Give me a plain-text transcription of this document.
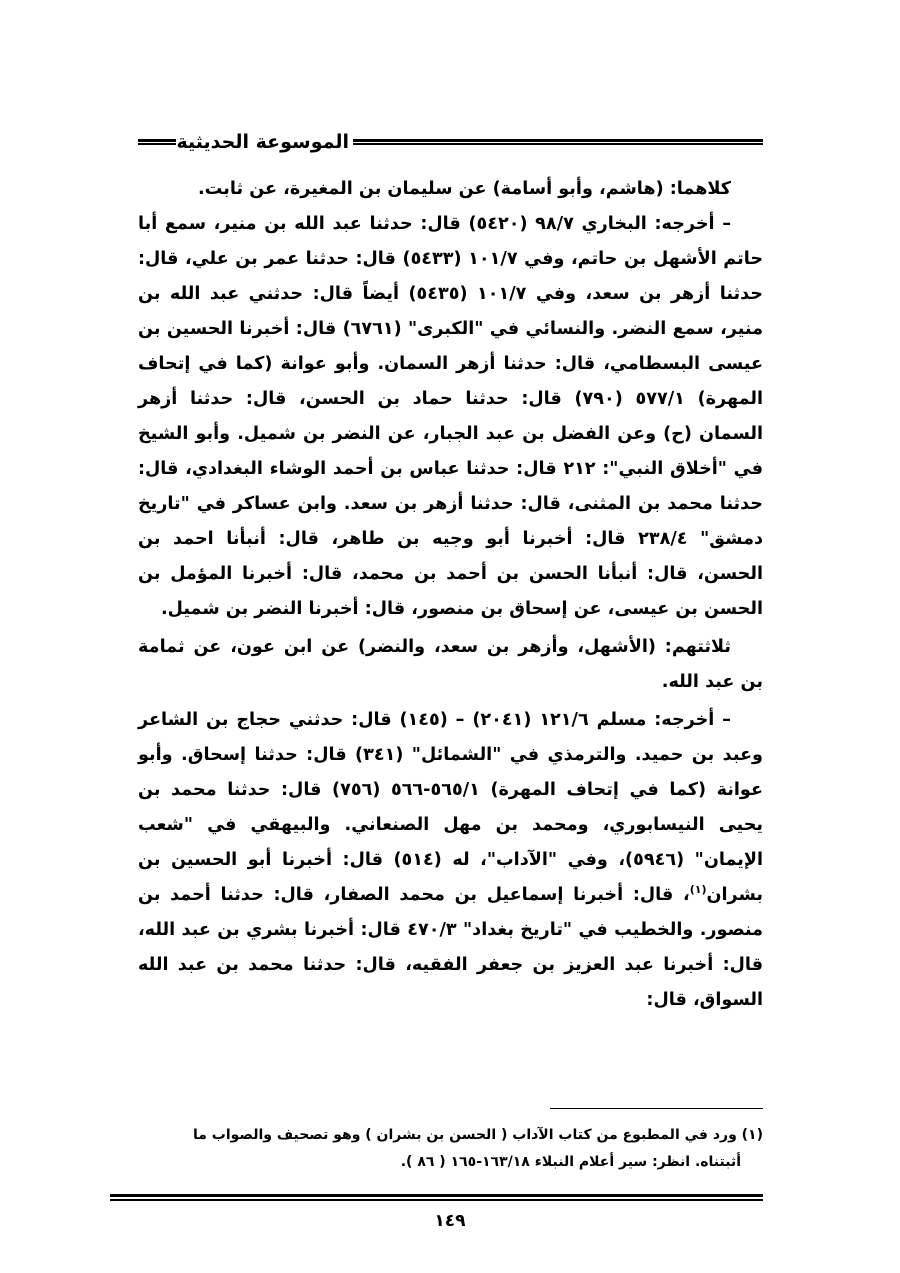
الموسوعة الحديثية

كلاهما: (هاشم، وأبو أسامة) عن سليمان بن المغيرة، عن ثابت.

– أخرجه: البخاري ٩٨/٧ (٥٤٢٠) قال: حدثنا عبد الله بن منير، سمع أبا حاتم الأشهل بن حاتم، وفي ١٠١/٧ (٥٤٣٣) قال: حدثنا عمر بن علي، قال: حدثنا أزهر بن سعد، وفي ١٠١/٧ (٥٤٣٥) أيضاً قال: حدثني عبد الله بن منير، سمع النضر. والنسائي في "الكبرى" (٦٧٦١) قال: أخبرنا الحسين بن عيسى البسطامي، قال: حدثنا أزهر السمان. وأبو عوانة (كما في إتحاف المهرة) ٥٧٧/١ (٧٩٠) قال: حدثنا حماد بن الحسن، قال: حدثنا أزهر السمان (ح) وعن الفضل بن عبد الجبار، عن النضر بن شميل. وأبو الشيخ في "أخلاق النبي": ٢١٢ قال: حدثنا عباس بن أحمد الوشاء البغدادي، قال: حدثنا محمد بن المثنى، قال: حدثنا أزهر بن سعد. وابن عساكر في "تاريخ دمشق" ٢٣٨/٤ قال: أخبرنا أبو وجيه بن طاهر، قال: أنبأنا احمد بن الحسن، قال: أنبأنا الحسن بن أحمد بن محمد، قال: أخبرنا المؤمل بن الحسن بن عيسى، عن إسحاق بن منصور، قال: أخبرنا النضر بن شميل.

ثلاثتهم: (الأشهل، وأزهر بن سعد، والنضر) عن ابن عون، عن ثمامة بن عبد الله.

– أخرجه: مسلم ١٢١/٦ (٢٠٤١) – (١٤٥) قال: حدثني حجاج بن الشاعر وعبد بن حميد. والترمذي في "الشمائل" (٣٤١) قال: حدثنا إسحاق. وأبو عوانة (كما في إتحاف المهرة) ٥٦٥/١-٥٦٦ (٧٥٦) قال: حدثنا محمد بن يحيى النيسابوري، ومحمد بن مهل الصنعاني. والبيهقي في "شعب الإيمان" (٥٩٤٦)، وفي "الآداب"، له (٥١٤) قال: أخبرنا أبو الحسين بن بشران$^{(١)}$، قال: أخبرنا إسماعيل بن محمد الصفار، قال: حدثنا أحمد بن منصور. والخطيب في "تاريخ بغداد" ٤٧٠/٣ قال: أخبرنا بشري بن عبد الله، قال: أخبرنا عبد العزيز بن جعفر الفقيه، قال: حدثنا محمد بن عبد الله السواق، قال:

(١) ورد في المطبوع من كتاب الآداب ( الحسن بن بشران ) وهو تصحيف والصواب ما

أثبتناه. انظر: سير أعلام النبلاء ١٦٣/١٨-١٦٥ ( ٨٦ ).

١٤٩
